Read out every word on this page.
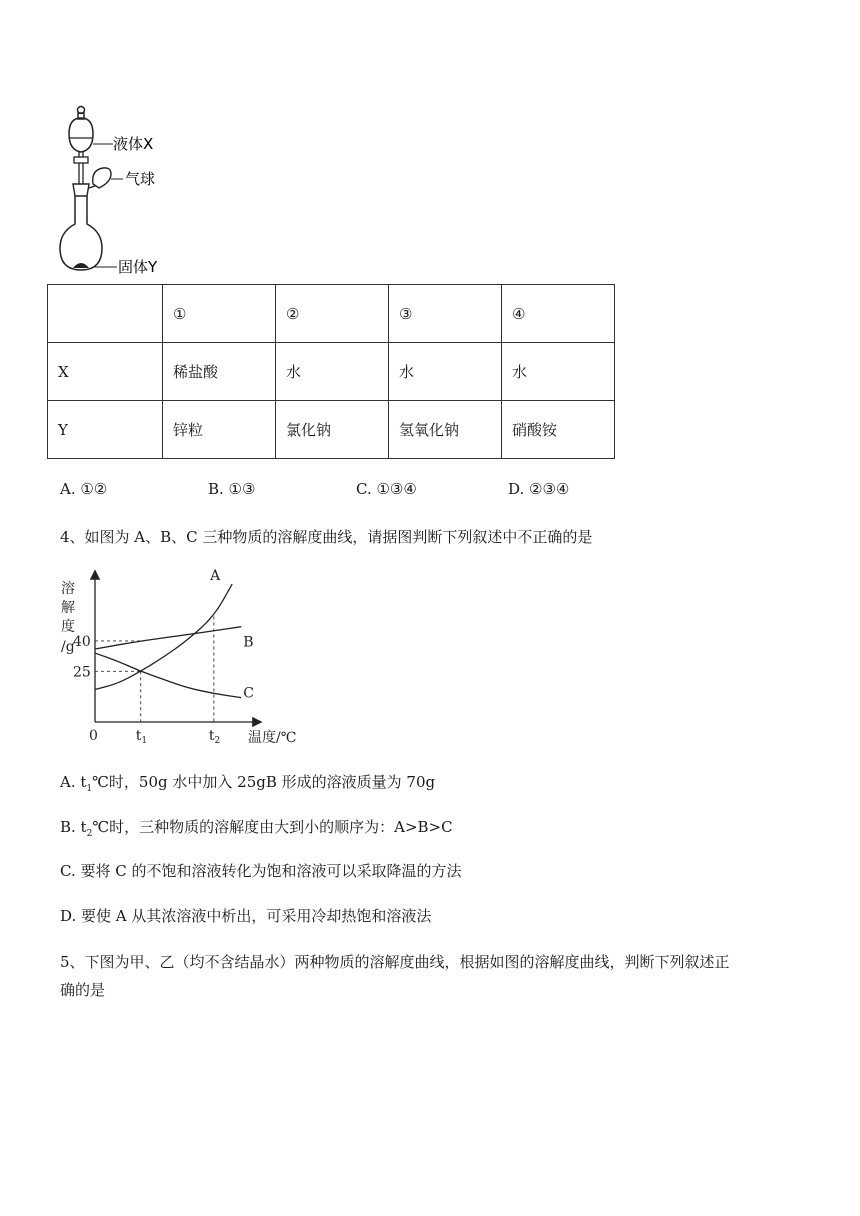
液体X
气球
固体Y
	①	②	③	④
X	稀盐酸	水	水	水
Y	锌粒	氯化钠	氢氧化钠	硝酸铵
A. ①②	B. ①③	C. ①③④	D. ②③④
4、如图为 A、B、C 三种物质的溶解度曲线，请据图判断下列叙述中不正确的是
25
40
$t_1$	$t_2$
A
B
C
溶
解
度
/g
0	温度/℃
A. $t_1℃$时，50g 水中加入 25gB 形成的溶液质量为 70g
B. $t_2℃$时，三种物质的溶解度由大到小的顺序为：A>B>C
C. 要将 C 的不饱和溶液转化为饱和溶液可以采取降温的方法
D. 要使 A 从其浓溶液中析出，可采用冷却热饱和溶液法
5、下图为甲、乙（均不含结晶水）两种物质的溶解度曲线，根据如图的溶解度曲线，判断下列叙述正
确的是
